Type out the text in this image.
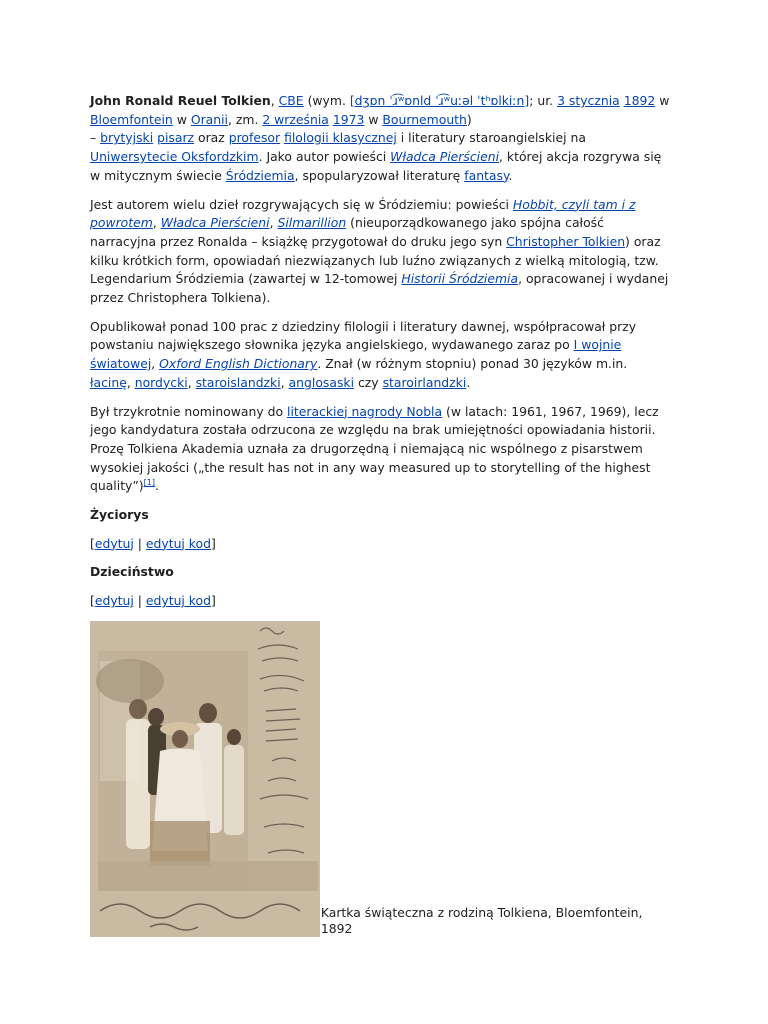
John Ronald Reuel Tolkien, CBE (wym. [dʒɒn ˈɹ͡ʷɒnld ˈɹ͡ʷuːəl ˈtʰɒlkiːn]; ur. 3 stycznia 1892 w Bloemfontein w Oranii, zm. 2 września 1973 w Bournemouth)
– brytyjski pisarz oraz profesor filologii klasycznej i literatury staroangielskiej na Uniwersytecie Oksfordzkim. Jako autor powieści Władca Pierścieni, której akcja rozgrywa się w mitycznym świecie Śródziemia, spopularyzował literaturę fantasy.

Jest autorem wielu dzieł rozgrywających się w Śródziemiu: powieści Hobbit, czyli tam i z powrotem, Władca Pierścieni, Silmarillion (nieuporządkowanego jako spójna całość narracyjna przez Ronalda – książkę przygotował do druku jego syn Christopher Tolkien) oraz kilku krótkich form, opowiadań niezwiązanych lub luźno związanych z wielką mitologią, tzw. Legendarium Śródziemia (zawartej w 12-tomowej Historii Śródziemia, opracowanej i wydanej przez Christophera Tolkiena).

Opublikował ponad 100 prac z dziedziny filologii i literatury dawnej, współpracował przy powstaniu największego słownika języka angielskiego, wydawanego zaraz po I wojnie światowej, Oxford English Dictionary. Znał (w różnym stopniu) ponad 30 języków m.in. łacinę, nordycki, staroislandzki, anglosaski czy staroirlandzki.

Był trzykrotnie nominowany do literackiej nagrody Nobla (w latach: 1961, 1967, 1969), lecz jego kandydatura została odrzucona ze względu na brak umiejętności opowiadania historii. Prozę Tolkiena Akademia uznała za drugorzędną i niemającą nic wspólnego z pisarstwem wysokiej jakości („the result has not in any way measured up to storytelling of the highest quality”)[1].

Życiorys
[edytuj | edytuj kod]
Dzieciństwo
[edytuj | edytuj kod]
Kartka świąteczna z rodziną Tolkiena, Bloemfontein, 1892
